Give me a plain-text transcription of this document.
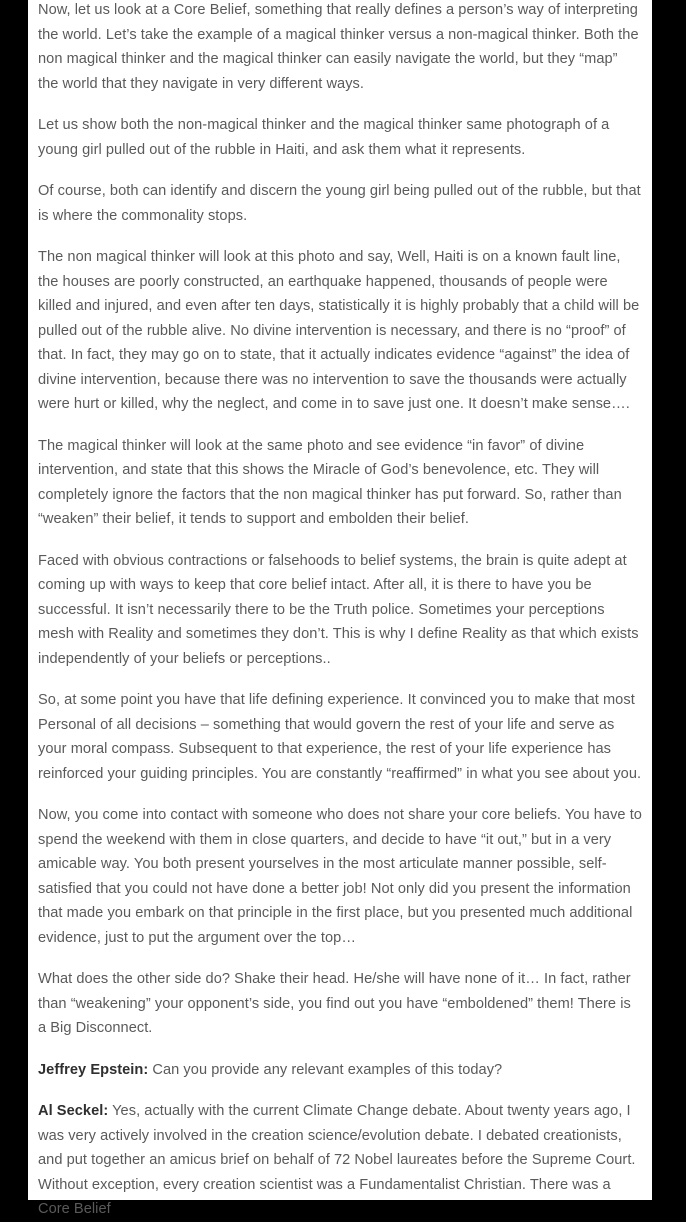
Now, let us look at a Core Belief, something that really defines a person’s way of interpreting the world. Let’s take the example of a magical thinker versus a non-magical thinker. Both the non magical thinker and the magical thinker can easily navigate the world, but they “map” the world that they navigate in very different ways.

Let us show both the non-magical thinker and the magical thinker same photograph of a young girl pulled out of the rubble in Haiti, and ask them what it represents.

Of course, both can identify and discern the young girl being pulled out of the rubble, but that is where the commonality stops.

The non magical thinker will look at this photo and say, Well, Haiti is on a known fault line, the houses are poorly constructed, an earthquake happened, thousands of people were killed and injured, and even after ten days, statistically it is highly probably that a child will be pulled out of the rubble alive. No divine intervention is necessary, and there is no “proof” of that. In fact, they may go on to state, that it actually indicates evidence “against” the idea of divine intervention, because there was no intervention to save the thousands were actually were hurt or killed, why the neglect, and come in to save just one. It doesn’t make sense….

The magical thinker will look at the same photo and see evidence “in favor” of divine intervention, and state that this shows the Miracle of God’s benevolence, etc. They will completely ignore the factors that the non magical thinker has put forward. So, rather than “weaken” their belief, it tends to support and embolden their belief.

Faced with obvious contractions or falsehoods to belief systems, the brain is quite adept at coming up with ways to keep that core belief intact. After all, it is there to have you be successful. It isn’t necessarily there to be the Truth police. Sometimes your perceptions mesh with Reality and sometimes they don’t. This is why I define Reality as that which exists independently of your beliefs or perceptions..

So, at some point you have that life defining experience. It convinced you to make that most Personal of all decisions – something that would govern the rest of your life and serve as your moral compass. Subsequent to that experience, the rest of your life experience has reinforced your guiding principles. You are constantly “reaffirmed” in what you see about you.

Now, you come into contact with someone who does not share your core beliefs. You have to spend the weekend with them in close quarters, and decide to have “it out,” but in a very amicable way. You both present yourselves in the most articulate manner possible, self-satisfied that you could not have done a better job! Not only did you present the information that made you embark on that principle in the first place, but you presented much additional evidence, just to put the argument over the top…

What does the other side do? Shake their head. He/she will have none of it… In fact, rather than “weakening” your opponent’s side, you find out you have “emboldened” them! There is a Big Disconnect.

Jeffrey Epstein: Can you provide any relevant examples of this today?

Al Seckel: Yes, actually with the current Climate Change debate. About twenty years ago, I was very actively involved in the creation science/evolution debate. I debated creationists, and put together an amicus brief on behalf of 72 Nobel laureates before the Supreme Court. Without exception, every creation scientist was a Fundamentalist Christian. There was a Core Belief
